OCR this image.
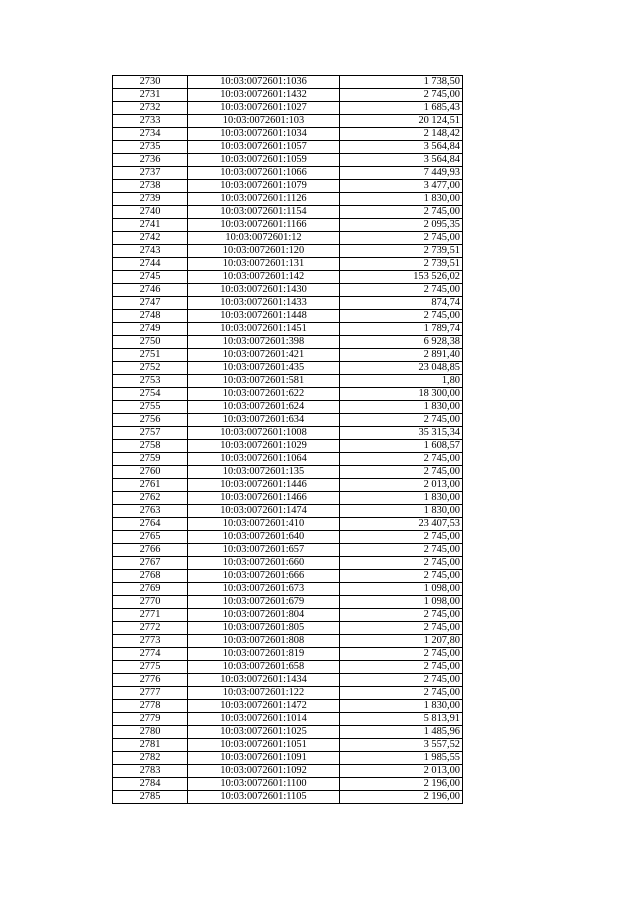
2730	10:03:0072601:1036	1 738,50
2731	10:03:0072601:1432	2 745,00
2732	10:03:0072601:1027	1 685,43
2733	10:03:0072601:103	20 124,51
2734	10:03:0072601:1034	2 148,42
2735	10:03:0072601:1057	3 564,84
2736	10:03:0072601:1059	3 564,84
2737	10:03:0072601:1066	7 449,93
2738	10:03:0072601:1079	3 477,00
2739	10:03:0072601:1126	1 830,00
2740	10:03:0072601:1154	2 745,00
2741	10:03:0072601:1166	2 095,35
2742	10:03:0072601:12	2 745,00
2743	10:03:0072601:120	2 739,51
2744	10:03:0072601:131	2 739,51
2745	10:03:0072601:142	153 526,02
2746	10:03:0072601:1430	2 745,00
2747	10:03:0072601:1433	874,74
2748	10:03:0072601:1448	2 745,00
2749	10:03:0072601:1451	1 789,74
2750	10:03:0072601:398	6 928,38
2751	10:03:0072601:421	2 891,40
2752	10:03:0072601:435	23 048,85
2753	10:03:0072601:581	1,80
2754	10:03:0072601:622	18 300,00
2755	10:03:0072601:624	1 830,00
2756	10:03:0072601:634	2 745,00
2757	10:03:0072601:1008	35 315,34
2758	10:03:0072601:1029	1 608,57
2759	10:03:0072601:1064	2 745,00
2760	10:03:0072601:135	2 745,00
2761	10:03:0072601:1446	2 013,00
2762	10:03:0072601:1466	1 830,00
2763	10:03:0072601:1474	1 830,00
2764	10:03:0072601:410	23 407,53
2765	10:03:0072601:640	2 745,00
2766	10:03:0072601:657	2 745,00
2767	10:03:0072601:660	2 745,00
2768	10:03:0072601:666	2 745,00
2769	10:03:0072601:673	1 098,00
2770	10:03:0072601:679	1 098,00
2771	10:03:0072601:804	2 745,00
2772	10:03:0072601:805	2 745,00
2773	10:03:0072601:808	1 207,80
2774	10:03:0072601:819	2 745,00
2775	10:03:0072601:658	2 745,00
2776	10:03:0072601:1434	2 745,00
2777	10:03:0072601:122	2 745,00
2778	10:03:0072601:1472	1 830,00
2779	10:03:0072601:1014	5 813,91
2780	10:03:0072601:1025	1 485,96
2781	10:03:0072601:1051	3 557,52
2782	10:03:0072601:1091	1 985,55
2783	10:03:0072601:1092	2 013,00
2784	10:03:0072601:1100	2 196,00
2785	10:03:0072601:1105	2 196,00
